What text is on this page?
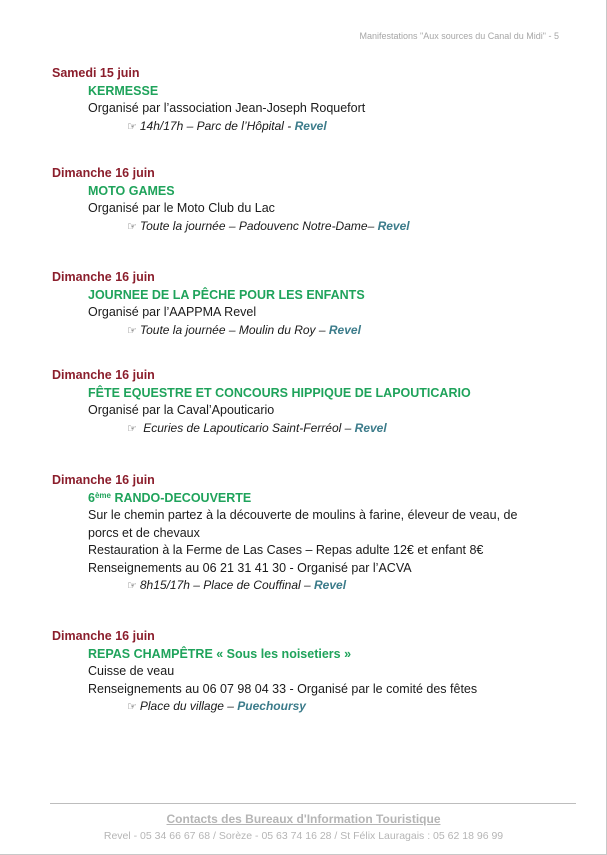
Manifestations "Aux sources du Canal du Midi" - 5
Samedi 15 juin
KERMESSE
Organisé par l’association Jean-Joseph Roquefort
☞ 14h/17h – Parc de l’Hôpital - Revel
Dimanche 16 juin
MOTO GAMES
Organisé par le Moto Club du Lac
☞ Toute la journée – Padouvenc Notre-Dame– Revel
Dimanche 16 juin
JOURNEE DE LA PÊCHE POUR LES ENFANTS
Organisé par l’AAPPMA Revel
☞ Toute la journée – Moulin du Roy – Revel
Dimanche 16 juin
FÊTE EQUESTRE ET CONCOURS HIPPIQUE DE LAPOUTICARIO
Organisé par la Caval’Apouticario
☞ Ecuries de Lapouticario Saint-Ferréol – Revel
Dimanche 16 juin
6ème RANDO-DECOUVERTE
Sur le chemin partez à la découverte de moulins à farine, éleveur de veau, de porcs et de chevaux
Restauration à la Ferme de Las Cases – Repas adulte 12€ et enfant 8€
Renseignements au 06 21 31 41 30 - Organisé par l’ACVA
☞ 8h15/17h – Place de Couffinal – Revel
Dimanche 16 juin
REPAS CHAMPÊTRE « Sous les noisetiers »
Cuisse de veau
Renseignements au 06 07 98 04 33 - Organisé par le comité des fêtes
☞ Place du village – Puechoursy
Contacts des Bureaux d'Information Touristique
Revel - 05 34 66 67 68 / Sorèze - 05 63 74 16 28 / St Félix Lauragais : 05 62 18 96 99
